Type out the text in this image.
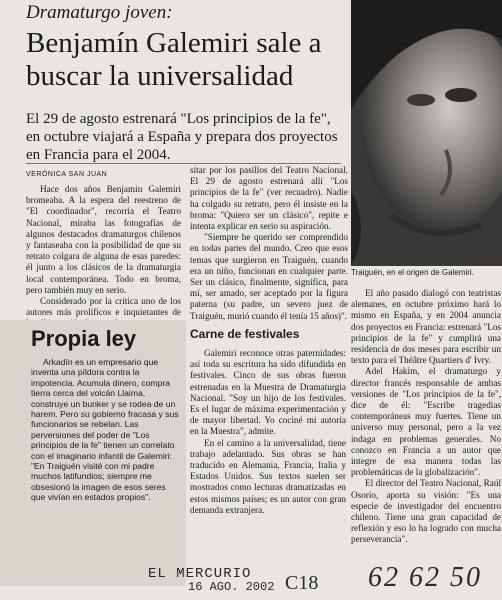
Traiguén, en el origen de Galemiri.
Dramaturgo joven:
Benjamín Galemiri sale a buscar la universalidad
El 29 de agosto estrenará "Los principios de la fe", en octubre viajará a España y prepara dos proyectos en Francia para el 2004.
VERÓNICA SAN JUAN

Hace dos años Benjamín Galemiri bromeaba. A la espera del reestreno de "El coordinador", recorría el Teatro Nacional, miraba las fotografías de algunos destacados dramaturgos chilenos y fantaseaba con la posibilidad de que su retrato colgara de alguna de esas paredes: él junto a los clásicos de la dramaturgia local contemporánea. Todo en broma, pero también muy en serio.

Considerado por la crítica uno de los autores más prolíficos e inquietantes de

sitar por los pasillos del Teatro Nacional. El 29 de agosto estrenará allí "Los principios de la fe" (ver recuadro). Nadie ha colgado su retrato, pero él insiste en la broma: "Quiero ser un clásico", repite e intenta explicar en serio su aspiración.

"Siempre he querido ser comprendido en todas partes del mundo. Creo que esos temas que surgieron en Traiguén, cuando era un niño, funcionan en cualquier parte. Ser un clásico, finalmente, significa, para mí, ser amado, ser aceptado por la figura paterna (su padre, un severo juez de Traiguén, murió cuando él tenía 15 años)".

El año pasado dialogó con teatristas alemanes, en octubre próximo hará lo mismo en España, y en 2004 anuncia dos proyectos en Francia: estrenará "Los principios de la fe" y cumplirá una residencia de dos meses para escribir un texto para el Théâtre Quartiers d' Ivry.

Adel Hakim, el dramaturgo y director francés responsable de ambas versiones de "Los principios de la fe", dice de él: "Escribe tragedias contemporáneas muy fuertes. Tiene un universo muy personal, pero a la vez indaga en problemas generales. No conozco en Francia a un autor que integre de esa manera todas las problemáticas de la globalización".

El director del Teatro Nacional, Raúl Osorio, aporta su visión: "Es una especie de investigador del encuentro chileno. Tiene una gran capacidad de reflexión y eso lo ha logrado con mucha perseverancia".

Propia ley

Arkadín es un empresario que inventa una píldora contra la impotencia. Acumula dinero, compra tierra cerca del volcán Llaima, construye un bunker y se rodea de un harem. Pero su gobierno fracasa y sus funcionarios se rebelan. Las perversiones del poder de "Los principios de la fe" tienen un correlato con el imaginario infantil de Galemiri: "En Traiguén visité con mi padre muchos latifundios; siempre me obsesionó la imagen de esos seres que vivían en estados propios".

Carne de festivales

Galemiri reconoce otras paternidades: así toda su escritura ha sido difundida en festivales. Cinco de sus obras fueron estrenadas en la Muestra de Dramaturgia Nacional. "Soy un hijo de los festivales. Es el lugar de máxima experimentación y de mayor libertad. Yo cociné mi autoría en la Muestra", admite.

En el camino a la universalidad, tiene trabajo adelantado. Sus obras se han traducido en Alemania, Francia, Italia y Estados Unidos. Sus textos suelen ser mostrados como lecturas dramatizadas en estos mismos países; es un autor con gran demanda extranjera.

EL MERCURIO
16 AGO. 2002 C18 62 62 50
